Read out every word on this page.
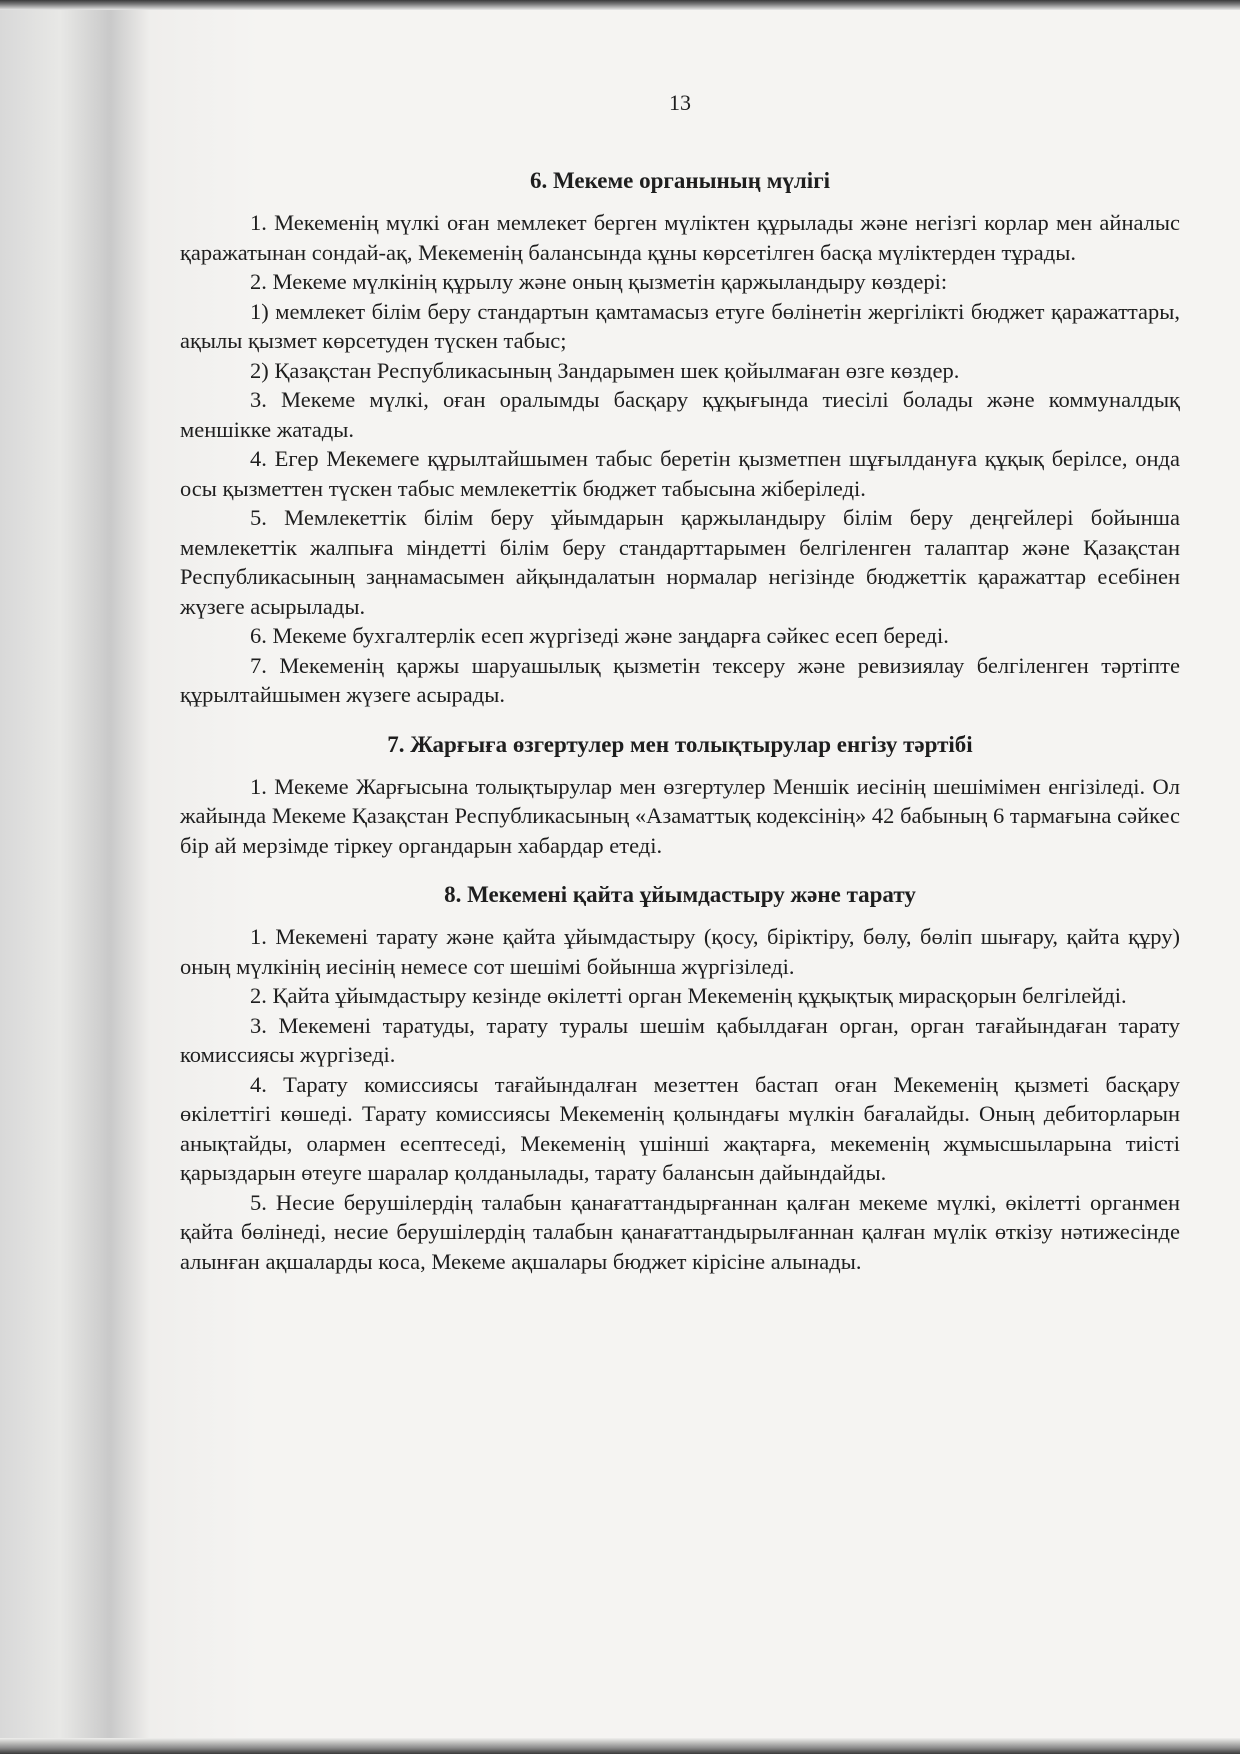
13
6. Мекеме органының мүлігі

1. Мекеменің мүлкі оған мемлекет берген мүліктен құрылады және негізгі корлар мен айналыс қаражатынан сондай-ақ, Мекеменің балансында құны көрсетілген басқа мүліктерден тұрады.

2. Мекеме мүлкінің құрылу және оның қызметін қаржыландыру көздері:

1) мемлекет білім беру стандартын қамтамасыз етуге бөлінетін жергілікті бюджет қаражаттары, ақылы қызмет көрсетуден түскен табыс;

2) Қазақстан Республикасының Зандарымен шек қойылмаған өзге көздер.

3. Мекеме мүлкі, оған оралымды басқару құқығында тиесілі болады және коммуналдық меншікке жатады.

4. Егер Мекемеге құрылтайшымен табыс беретін қызметпен шұғылдануға құқық берілсе, онда осы қызметтен түскен табыс мемлекеттік бюджет табысына жіберіледі.

5. Мемлекеттік білім беру ұйымдарын қаржыландыру білім беру деңгейлері бойынша мемлекеттік жалпыға міндетті білім беру стандарттарымен белгіленген талаптар және Қазақстан Республикасының заңнамасымен айқындалатын нормалар негізінде бюджеттік қаражаттар есебінен жүзеге асырылады.

6. Мекеме бухгалтерлік есеп жүргізеді және заңдарға сәйкес есеп береді.

7. Мекеменің қаржы шаруашылық қызметін тексеру және ревизиялау белгіленген тәртіпте құрылтайшымен жүзеге асырады.

7. Жарғыға өзгертулер мен толықтырулар енгізу тәртібі

1. Мекеме Жарғысына толықтырулар мен өзгертулер Меншік иесінің шешімімен енгізіледі. Ол жайында Мекеме Қазақстан Республикасының «Азаматтық кодексінің» 42 бабының 6 тармағына сәйкес бір ай мерзімде тіркеу органдарын хабардар етеді.

8. Мекемені қайта ұйымдастыру және тарату

1. Мекемені тарату және қайта ұйымдастыру (қосу, біріктіру, бөлу, бөліп шығару, қайта құру) оның мүлкінің иесінің немесе сот шешімі бойынша жүргізіледі.

2. Қайта ұйымдастыру кезінде өкілетті орган Мекеменің құқықтық мирасқорын белгілейді.

3. Мекемені таратуды, тарату туралы шешім қабылдаған орган, орган тағайындаған тарату комиссиясы жүргізеді.

4. Тарату комиссиясы тағайындалған мезеттен бастап оған Мекеменің қызметі басқару өкілеттігі көшеді. Тарату комиссиясы Мекеменің қолындағы мүлкін бағалайды. Оның дебиторларын анықтайды, олармен есептеседі, Мекеменің үшінші жақтарға, мекеменің жұмысшыларына тиісті қарыздарын өтеуге шаралар қолданылады, тарату балансын дайындайды.

5. Несие берушілердің талабын қанағаттандырғаннан қалған мекеме мүлкі, өкілетті органмен қайта бөлінеді, несие берушілердің талабын қанағаттандырылғаннан қалған мүлік өткізу нәтижесінде алынған ақшаларды коса, Мекеме ақшалары бюджет кірісіне алынады.
